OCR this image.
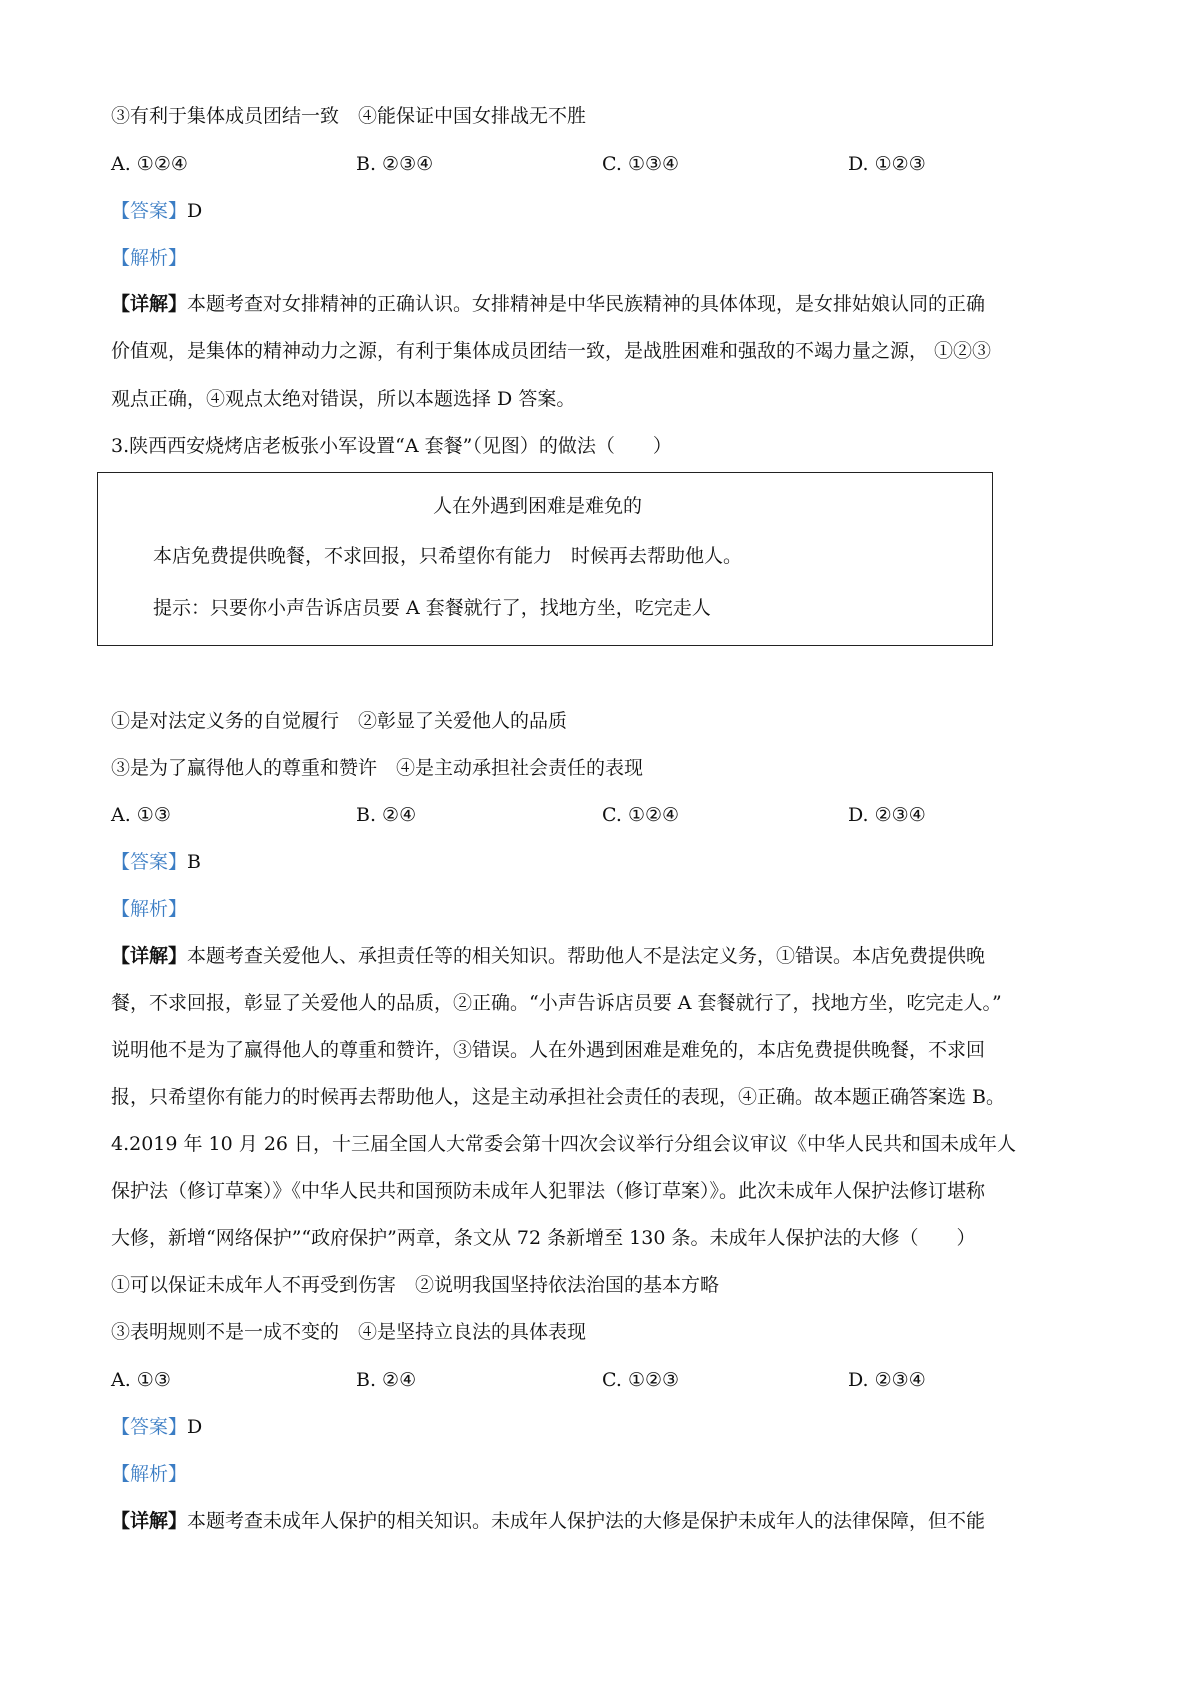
③有利于集体成员团结一致　④能保证中国女排战无不胜
A. ①②④	B. ②③④	C. ①③④	D. ①②③
【答案】D
【解析】
【详解】本题考查对女排精神的正确认识。女排精神是中华民族精神的具体体现，是女排姑娘认同的正确
价值观，是集体的精神动力之源，有利于集体成员团结一致，是战胜困难和强敌的不竭力量之源， ①②③
观点正确，④观点太绝对错误，所以本题选择 D 答案。
3.陕西西安烧烤店老板张小军设置“A 套餐”（见图）的做法（　　）
人在外遇到困难是难免的
本店免费提供晚餐，不求回报，只希望你有能力　时候再去帮助他人。
提示：只要你小声告诉店员要 A 套餐就行了，找地方坐，吃完走人
①是对法定义务的自觉履行　②彰显了关爱他人的品质
③是为了赢得他人的尊重和赞许　④是主动承担社会责任的表现
A. ①③	B. ②④	C. ①②④	D. ②③④
【答案】B
【解析】
【详解】本题考查关爱他人、承担责任等的相关知识。帮助他人不是法定义务，①错误。本店免费提供晚
餐，不求回报，彰显了关爱他人的品质，②正确。“小声告诉店员要 A 套餐就行了，找地方坐，吃完走人。”
说明他不是为了赢得他人的尊重和赞许，③错误。人在外遇到困难是难免的，本店免费提供晚餐，不求回
报，只希望你有能力的时候再去帮助他人，这是主动承担社会责任的表现，④正确。故本题正确答案选 B。
4.2019 年 10 月 26 日，十三届全国人大常委会第十四次会议举行分组会议审议《中华人民共和国未成年人
保护法（修订草案）》《中华人民共和国预防未成年人犯罪法（修订草案）》。此次未成年人保护法修订堪称
大修，新增“网络保护”“政府保护”两章，条文从 72 条新增至 130 条。未成年人保护法的大修（　　）
①可以保证未成年人不再受到伤害　②说明我国坚持依法治国的基本方略
③表明规则不是一成不变的　④是坚持立良法的具体表现
A. ①③	B. ②④	C. ①②③	D. ②③④
【答案】D
【解析】
【详解】本题考查未成年人保护的相关知识。未成年人保护法的大修是保护未成年人的法律保障，但不能
